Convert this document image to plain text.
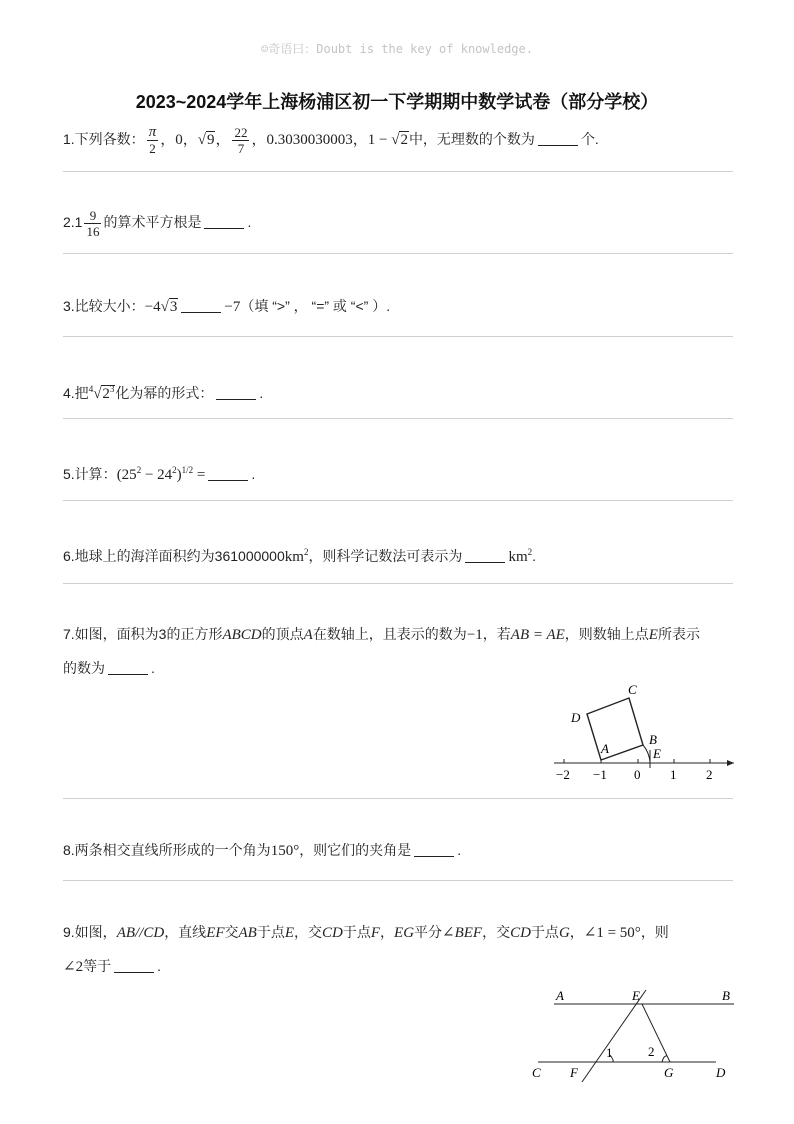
☺奇语曰：Doubt is the key of knowledge.
2023~2024学年上海杨浦区初一下学期期中数学试卷（部分学校）
1.下列各数： $\frac{\pi}{2}$ ，0，√9， $\frac{22}{7}$ ，0.3030030003，1 − √2中，无理数的个数为	个.
$2.1 \frac{9}{16}$ 的算术平方根是	.
3.比较大小：−4√3	−7（填 “>” ， “=” 或 “<” ）.
4.把$^4√2^3$化为幂的形式：	.
5.计算：$(25^2 - 24^2)^{1/2}$ =	.
6.地球上的海洋面积约为$361000000km^2$，则科学记数法可表示为	$km^2$.
7.如图，面积为3的正方形ABCD的顶点A在数轴上，且表示的数为−1，若AB = AE，则数轴上点E所表示
的数为	.
C
D
A
B
E
−2 −1 0 1 2
8.两条相交直线所形成的一个角为150°，则它们的夹角是	.
9.如图，AB//CD，直线EF交AB于点E，交CD于点F，EG平分∠BEF，交CD于点G，∠1 = 50°，则
∠2等于	.
A	E	B
C F	G	D
1	2
